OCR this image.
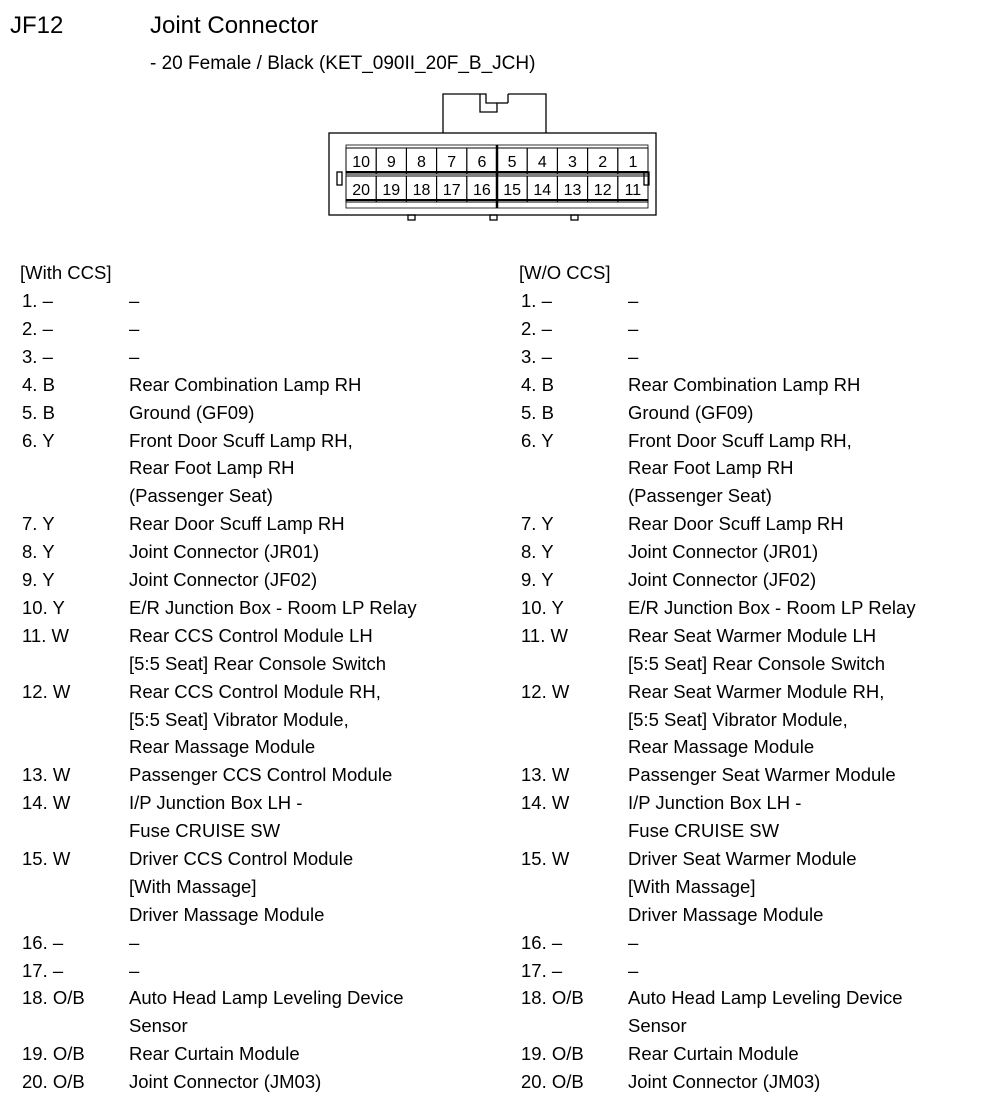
JF12	Joint Connector
- 20 Female / Black (KET_090II_20F_B_JCH)
10 9 8 7 6 5 4 3 2 1
20 19 18 17 16 15 14 13 12 11
[With CCS]
1. –	–
2. –	–
3. –	–
4. B	Rear Combination Lamp RH
5. B	Ground (GF09)
6. Y	Front Door Scuff Lamp RH,
Rear Foot Lamp RH
(Passenger Seat)
7. Y	Rear Door Scuff Lamp RH
8. Y	Joint Connector (JR01)
9. Y	Joint Connector (JF02)
10. Y	E/R Junction Box - Room LP Relay
11. W	Rear CCS Control Module LH
[5:5 Seat] Rear Console Switch
12. W	Rear CCS Control Module RH,
[5:5 Seat] Vibrator Module,
Rear Massage Module
13. W	Passenger CCS Control Module
14. W	I/P Junction Box LH -
Fuse CRUISE SW
15. W	Driver CCS Control Module
[With Massage]
Driver Massage Module
16. –	–
17. –	–
18. O/B	Auto Head Lamp Leveling Device
Sensor
19. O/B	Rear Curtain Module
20. O/B	Joint Connector (JM03)
[W/O CCS]
1. –	–
2. –	–
3. –	–
4. B	Rear Combination Lamp RH
5. B	Ground (GF09)
6. Y	Front Door Scuff Lamp RH,
Rear Foot Lamp RH
(Passenger Seat)
7. Y	Rear Door Scuff Lamp RH
8. Y	Joint Connector (JR01)
9. Y	Joint Connector (JF02)
10. Y	E/R Junction Box - Room LP Relay
11. W	Rear Seat Warmer Module LH
[5:5 Seat] Rear Console Switch
12. W	Rear Seat Warmer Module RH,
[5:5 Seat] Vibrator Module,
Rear Massage Module
13. W	Passenger Seat Warmer Module
14. W	I/P Junction Box LH -
Fuse CRUISE SW
15. W	Driver Seat Warmer Module
[With Massage]
Driver Massage Module
16. –	–
17. –	–
18. O/B	Auto Head Lamp Leveling Device
Sensor
19. O/B	Rear Curtain Module
20. O/B	Joint Connector (JM03)
